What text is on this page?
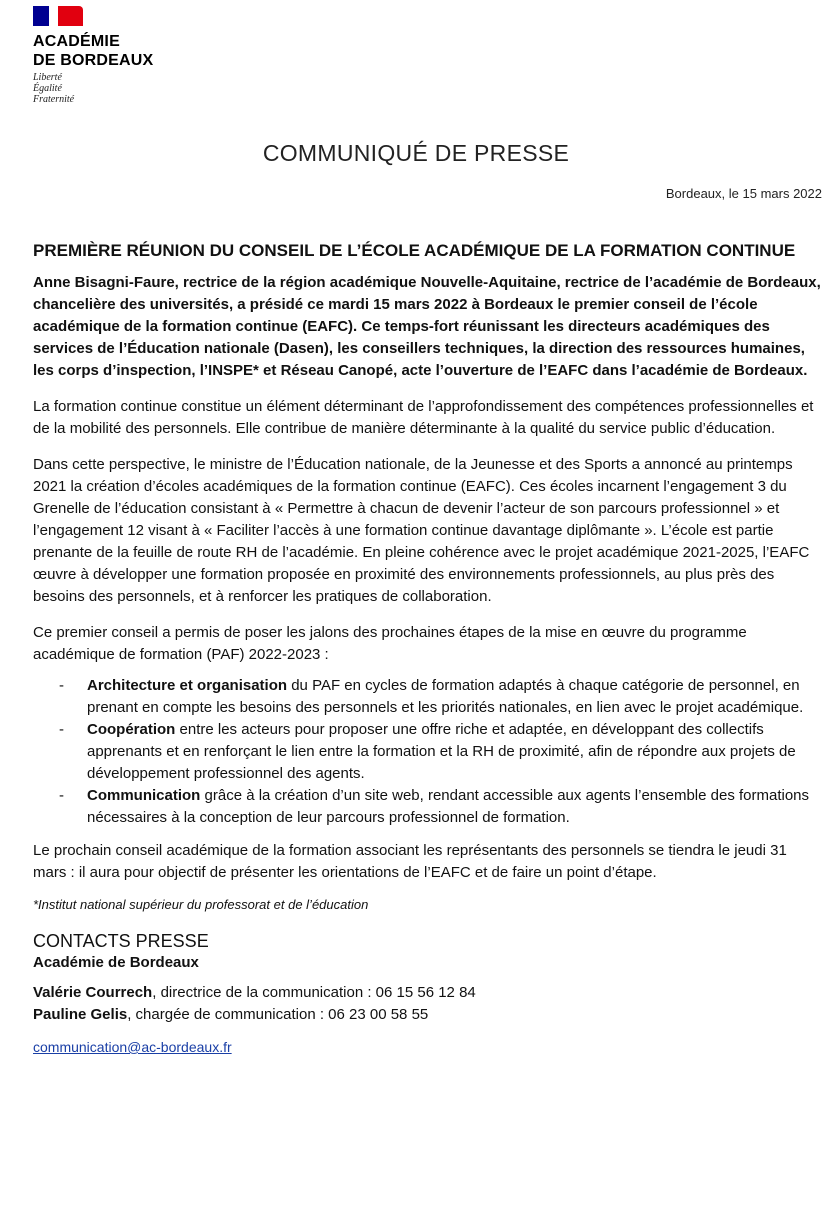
ACADÉMIE
DE BORDEAUX
Liberté
Égalité
Fraternité
COMMUNIQUÉ DE PRESSE
Bordeaux, le 15 mars 2022
PREMIÈRE RÉUNION DU CONSEIL DE L’ÉCOLE ACADÉMIQUE DE LA FORMATION CONTINUE

Anne Bisagni-Faure, rectrice de la région académique Nouvelle-Aquitaine, rectrice de l’académie de Bordeaux, chancelière des universités, a présidé ce mardi 15 mars 2022 à Bordeaux le premier conseil de l’école académique de la formation continue (EAFC). Ce temps-fort réunissant les directeurs académiques des services de l’Éducation nationale (Dasen), les conseillers techniques, la direction des ressources humaines, les corps d’inspection, l’INSPE* et Réseau Canopé, acte l’ouverture de l’EAFC dans l’académie de Bordeaux.

La formation continue constitue un élément déterminant de l’approfondissement des compétences professionnelles et de la mobilité des personnels. Elle contribue de manière déterminante à la qualité du service public d’éducation.

Dans cette perspective, le ministre de l’Éducation nationale, de la Jeunesse et des Sports a annoncé au printemps 2021 la création d’écoles académiques de la formation continue (EAFC). Ces écoles incarnent l’engagement 3 du Grenelle de l’éducation consistant à « Permettre à chacun de devenir l’acteur de son parcours professionnel » et l’engagement 12 visant à « Faciliter l’accès à une formation continue davantage diplômante ». L’école est partie prenante de la feuille de route RH de l’académie. En pleine cohérence avec le projet académique 2021-2025, l’EAFC œuvre à développer une formation proposée en proximité des environnements professionnels, au plus près des besoins des personnels, et à renforcer les pratiques de collaboration.

Ce premier conseil a permis de poser les jalons des prochaines étapes de la mise en œuvre du programme académique de formation (PAF) 2022-2023 :

- Architecture et organisation du PAF en cycles de formation adaptés à chaque catégorie de personnel, en prenant en compte les besoins des personnels et les priorités nationales, en lien avec le projet académique.
- Coopération entre les acteurs pour proposer une offre riche et adaptée, en développant des collectifs apprenants et en renforçant le lien entre la formation et la RH de proximité, afin de répondre aux projets de développement professionnel des agents.
- Communication grâce à la création d’un site web, rendant accessible aux agents l’ensemble des formations nécessaires à la conception de leur parcours professionnel de formation.

Le prochain conseil académique de la formation associant les représentants des personnels se tiendra le jeudi 31 mars : il aura pour objectif de présenter les orientations de l’EAFC et de faire un point d’étape.

*Institut national supérieur du professorat et de l’éducation

CONTACTS PRESSE
Académie de Bordeaux
Valérie Courrech, directrice de la communication : 06 15 56 12 84
Pauline Gelis, chargée de communication : 06 23 00 58 55
communication@ac-bordeaux.fr
